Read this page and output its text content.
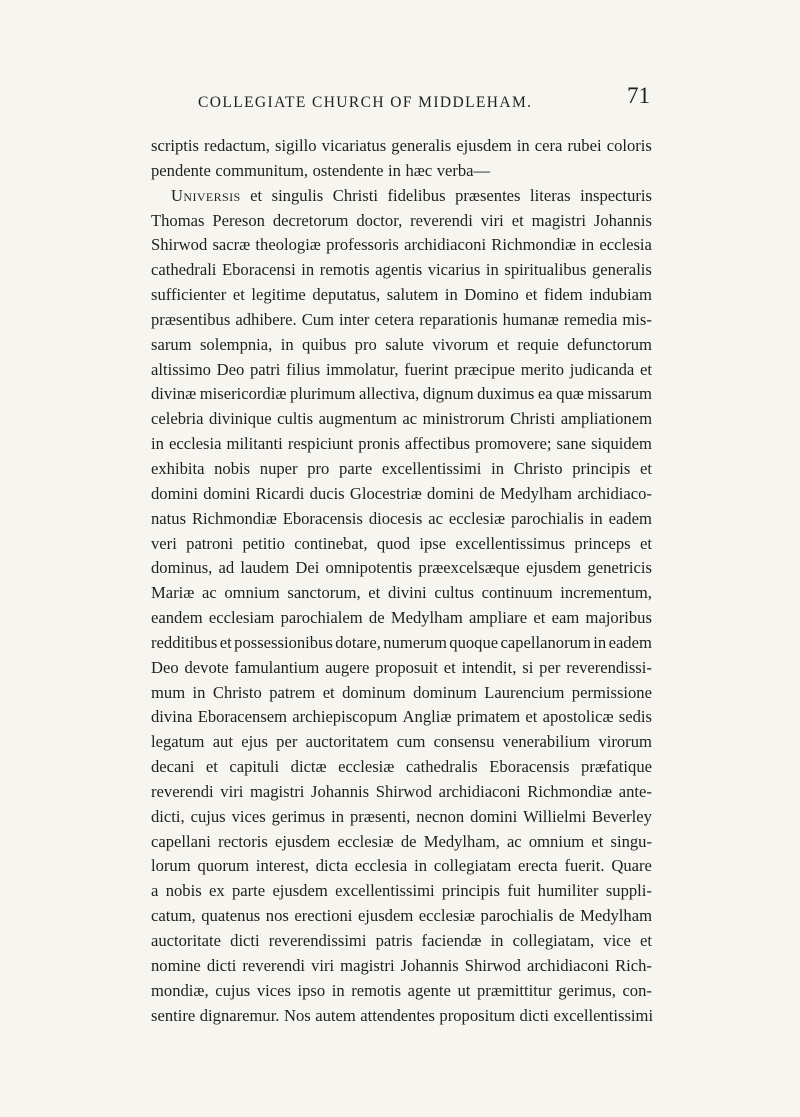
COLLEGIATE CHURCH OF MIDDLEHAM.	71
scriptis redactum, sigillo vicariatus generalis ejusdem in cera rubei coloris
pendente communitum, ostendente in hæc verba—
Universis et singulis Christi fidelibus præsentes literas inspecturis
Thomas Pereson decretorum doctor, reverendi viri et magistri Johannis
Shirwod sacræ theologiæ professoris archidiaconi Richmondiæ in ecclesia
cathedrali Eboracensi in remotis agentis vicarius in spiritualibus generalis
sufficienter et legitime deputatus, salutem in Domino et fidem indubiam
præsentibus adhibere. Cum inter cetera reparationis humanæ remedia mis-
sarum solempnia, in quibus pro salute vivorum et requie defunctorum
altissimo Deo patri filius immolatur, fuerint præcipue merito judicanda et
divinæ misericordiæ plurimum allectiva, dignum duximus ea quæ missarum
celebria divinique cultis augmentum ac ministrorum Christi ampliationem
in ecclesia militanti respiciunt pronis affectibus promovere; sane siquidem
exhibita nobis nuper pro parte excellentissimi in Christo principis et
domini domini Ricardi ducis Glocestriæ domini de Medylham archidiaco-
natus Richmondiæ Eboracensis diocesis ac ecclesiæ parochialis in eadem
veri patroni petitio continebat, quod ipse excellentissimus princeps et
dominus, ad laudem Dei omnipotentis præexcelsæque ejusdem genetricis
Mariæ ac omnium sanctorum, et divini cultus continuum incrementum,
eandem ecclesiam parochialem de Medylham ampliare et eam majoribus
redditibus et possessionibus dotare, numerum quoque capellanorum in eadem
Deo devote famulantium augere proposuit et intendit, si per reverendissi-
mum in Christo patrem et dominum dominum Laurencium permissione
divina Eboracensem archiepiscopum Angliæ primatem et apostolicæ sedis
legatum aut ejus per auctoritatem cum consensu venerabilium virorum
decani et capituli dictæ ecclesiæ cathedralis Eboracensis præfatique
reverendi viri magistri Johannis Shirwod archidiaconi Richmondiæ ante-
dicti, cujus vices gerimus in præsenti, necnon domini Willielmi Beverley
capellani rectoris ejusdem ecclesiæ de Medylham, ac omnium et singu-
lorum quorum interest, dicta ecclesia in collegiatam erecta fuerit. Quare
a nobis ex parte ejusdem excellentissimi principis fuit humiliter suppli-
catum, quatenus nos erectioni ejusdem ecclesiæ parochialis de Medylham
auctoritate dicti reverendissimi patris faciendæ in collegiatam, vice et
nomine dicti reverendi viri magistri Johannis Shirwod archidiaconi Rich-
mondiæ, cujus vices ipso in remotis agente ut præmittitur gerimus, con-
sentire dignaremur. Nos autem attendentes propositum dicti excellentissimi
